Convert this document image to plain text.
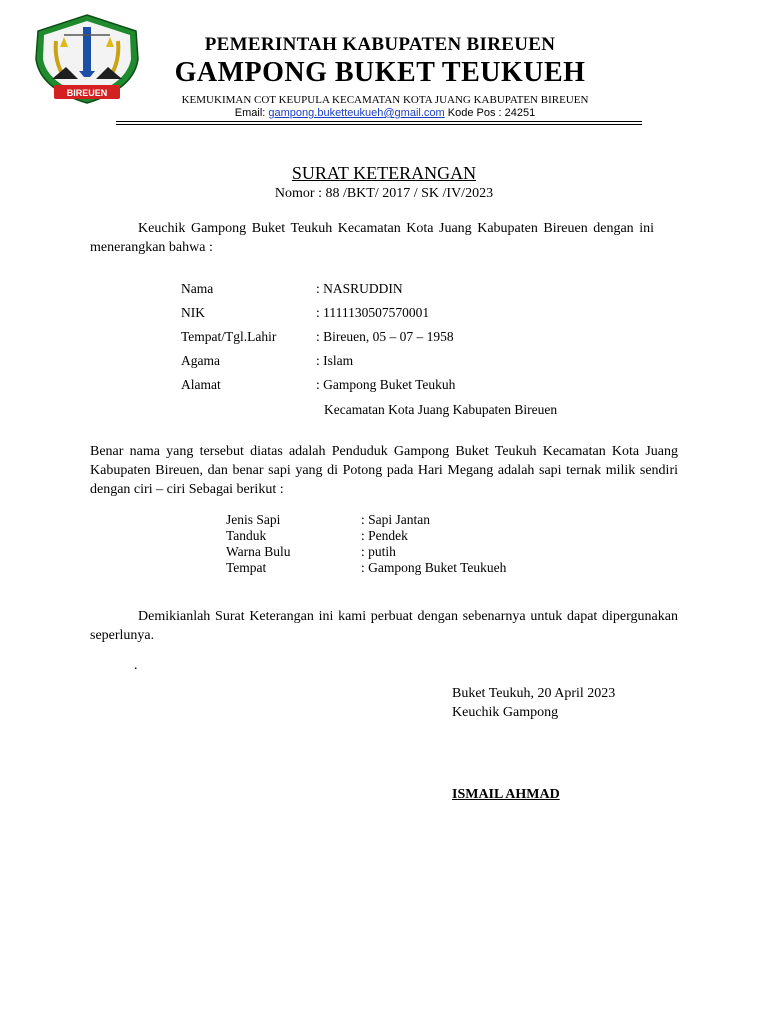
BIREUEN
PEMERINTAH KABUPATEN BIREUEN
GAMPONG BUKET TEUKUEH
KEMUKIMAN COT KEUPULA KECAMATAN KOTA JUANG KABUPATEN BIREUEN
Email: gampong.buketteukueh@gmail.com Kode Pos : 24251
SURAT KETERANGAN
Nomor : 88 /BKT/ 2017 / SK /IV/2023
Keuchik Gampong Buket Teukuh Kecamatan Kota Juang Kabupaten Bireuen dengan ini menerangkan bahwa :
Nama	: NASRUDDIN
NIK	: 1111130507570001
Tempat/Tgl.Lahir	: Bireuen, 05 – 07 – 1958
Agama	: Islam
Alamat	: Gampong Buket Teukuh
Kecamatan Kota Juang Kabupaten Bireuen
Benar nama yang tersebut diatas adalah Penduduk Gampong Buket Teukuh Kecamatan Kota Juang Kabupaten Bireuen, dan benar sapi yang di Potong pada Hari Megang adalah sapi ternak milik sendiri dengan ciri – ciri Sebagai berikut :
Jenis Sapi	: Sapi Jantan
Tanduk	: Pendek
Warna Bulu	: putih
Tempat	: Gampong Buket Teukueh
Demikianlah Surat Keterangan ini kami perbuat dengan sebenarnya untuk dapat dipergunakan seperlunya.
.
Buket Teukuh, 20 April 2023
Keuchik Gampong
ISMAIL AHMAD
